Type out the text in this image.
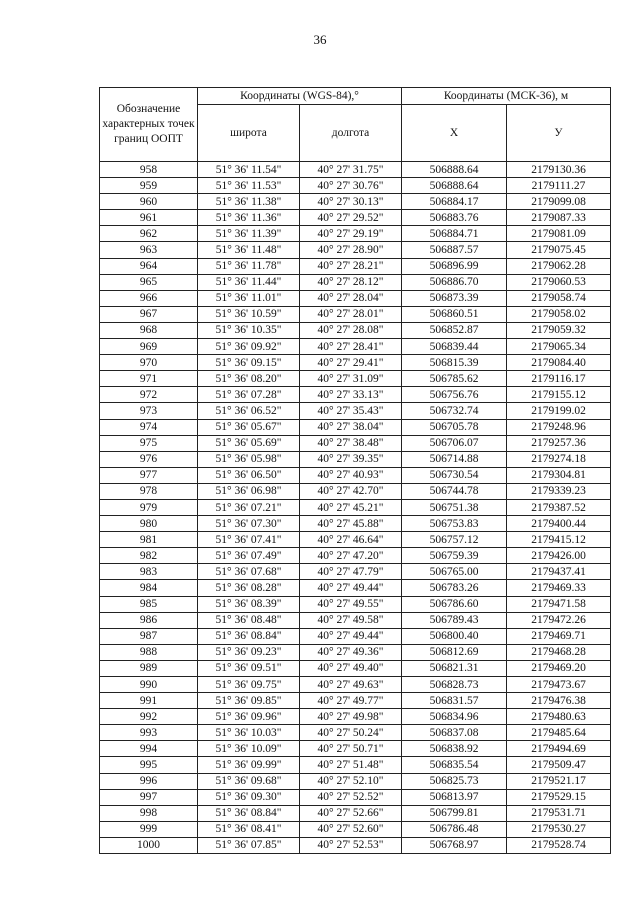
36
Обозначение характерных точек границ ООПТ	Координаты (WGS-84),°		Координаты (МСК-36), м	
	широта	долгота	X	У
958	51° 36' 11.54"	40° 27' 31.75"	506888.64	2179130.36
959	51° 36' 11.53"	40° 27' 30.76"	506888.64	2179111.27
960	51° 36' 11.38"	40° 27' 30.13"	506884.17	2179099.08
961	51° 36' 11.36"	40° 27' 29.52"	506883.76	2179087.33
962	51° 36' 11.39"	40° 27' 29.19"	506884.71	2179081.09
963	51° 36' 11.48"	40° 27' 28.90"	506887.57	2179075.45
964	51° 36' 11.78"	40° 27' 28.21"	506896.99	2179062.28
965	51° 36' 11.44"	40° 27' 28.12"	506886.70	2179060.53
966	51° 36' 11.01"	40° 27' 28.04"	506873.39	2179058.74
967	51° 36' 10.59"	40° 27' 28.01"	506860.51	2179058.02
968	51° 36' 10.35"	40° 27' 28.08"	506852.87	2179059.32
969	51° 36' 09.92"	40° 27' 28.41"	506839.44	2179065.34
970	51° 36' 09.15"	40° 27' 29.41"	506815.39	2179084.40
971	51° 36' 08.20"	40° 27' 31.09"	506785.62	2179116.17
972	51° 36' 07.28"	40° 27' 33.13"	506756.76	2179155.12
973	51° 36' 06.52"	40° 27' 35.43"	506732.74	2179199.02
974	51° 36' 05.67"	40° 27' 38.04"	506705.78	2179248.96
975	51° 36' 05.69"	40° 27' 38.48"	506706.07	2179257.36
976	51° 36' 05.98"	40° 27' 39.35"	506714.88	2179274.18
977	51° 36' 06.50"	40° 27' 40.93"	506730.54	2179304.81
978	51° 36' 06.98"	40° 27' 42.70"	506744.78	2179339.23
979	51° 36' 07.21"	40° 27' 45.21"	506751.38	2179387.52
980	51° 36' 07.30"	40° 27' 45.88"	506753.83	2179400.44
981	51° 36' 07.41"	40° 27' 46.64"	506757.12	2179415.12
982	51° 36' 07.49"	40° 27' 47.20"	506759.39	2179426.00
983	51° 36' 07.68"	40° 27' 47.79"	506765.00	2179437.41
984	51° 36' 08.28"	40° 27' 49.44"	506783.26	2179469.33
985	51° 36' 08.39"	40° 27' 49.55"	506786.60	2179471.58
986	51° 36' 08.48"	40° 27' 49.58"	506789.43	2179472.26
987	51° 36' 08.84"	40° 27' 49.44"	506800.40	2179469.71
988	51° 36' 09.23"	40° 27' 49.36"	506812.69	2179468.28
989	51° 36' 09.51"	40° 27' 49.40"	506821.31	2179469.20
990	51° 36' 09.75"	40° 27' 49.63"	506828.73	2179473.67
991	51° 36' 09.85"	40° 27' 49.77"	506831.57	2179476.38
992	51° 36' 09.96"	40° 27' 49.98"	506834.96	2179480.63
993	51° 36' 10.03"	40° 27' 50.24"	506837.08	2179485.64
994	51° 36' 10.09"	40° 27' 50.71"	506838.92	2179494.69
995	51° 36' 09.99"	40° 27' 51.48"	506835.54	2179509.47
996	51° 36' 09.68"	40° 27' 52.10"	506825.73	2179521.17
997	51° 36' 09.30"	40° 27' 52.52"	506813.97	2179529.15
998	51° 36' 08.84"	40° 27' 52.66"	506799.81	2179531.71
999	51° 36' 08.41"	40° 27' 52.60"	506786.48	2179530.27
1000	51° 36' 07.85"	40° 27' 52.53"	506768.97	2179528.74
